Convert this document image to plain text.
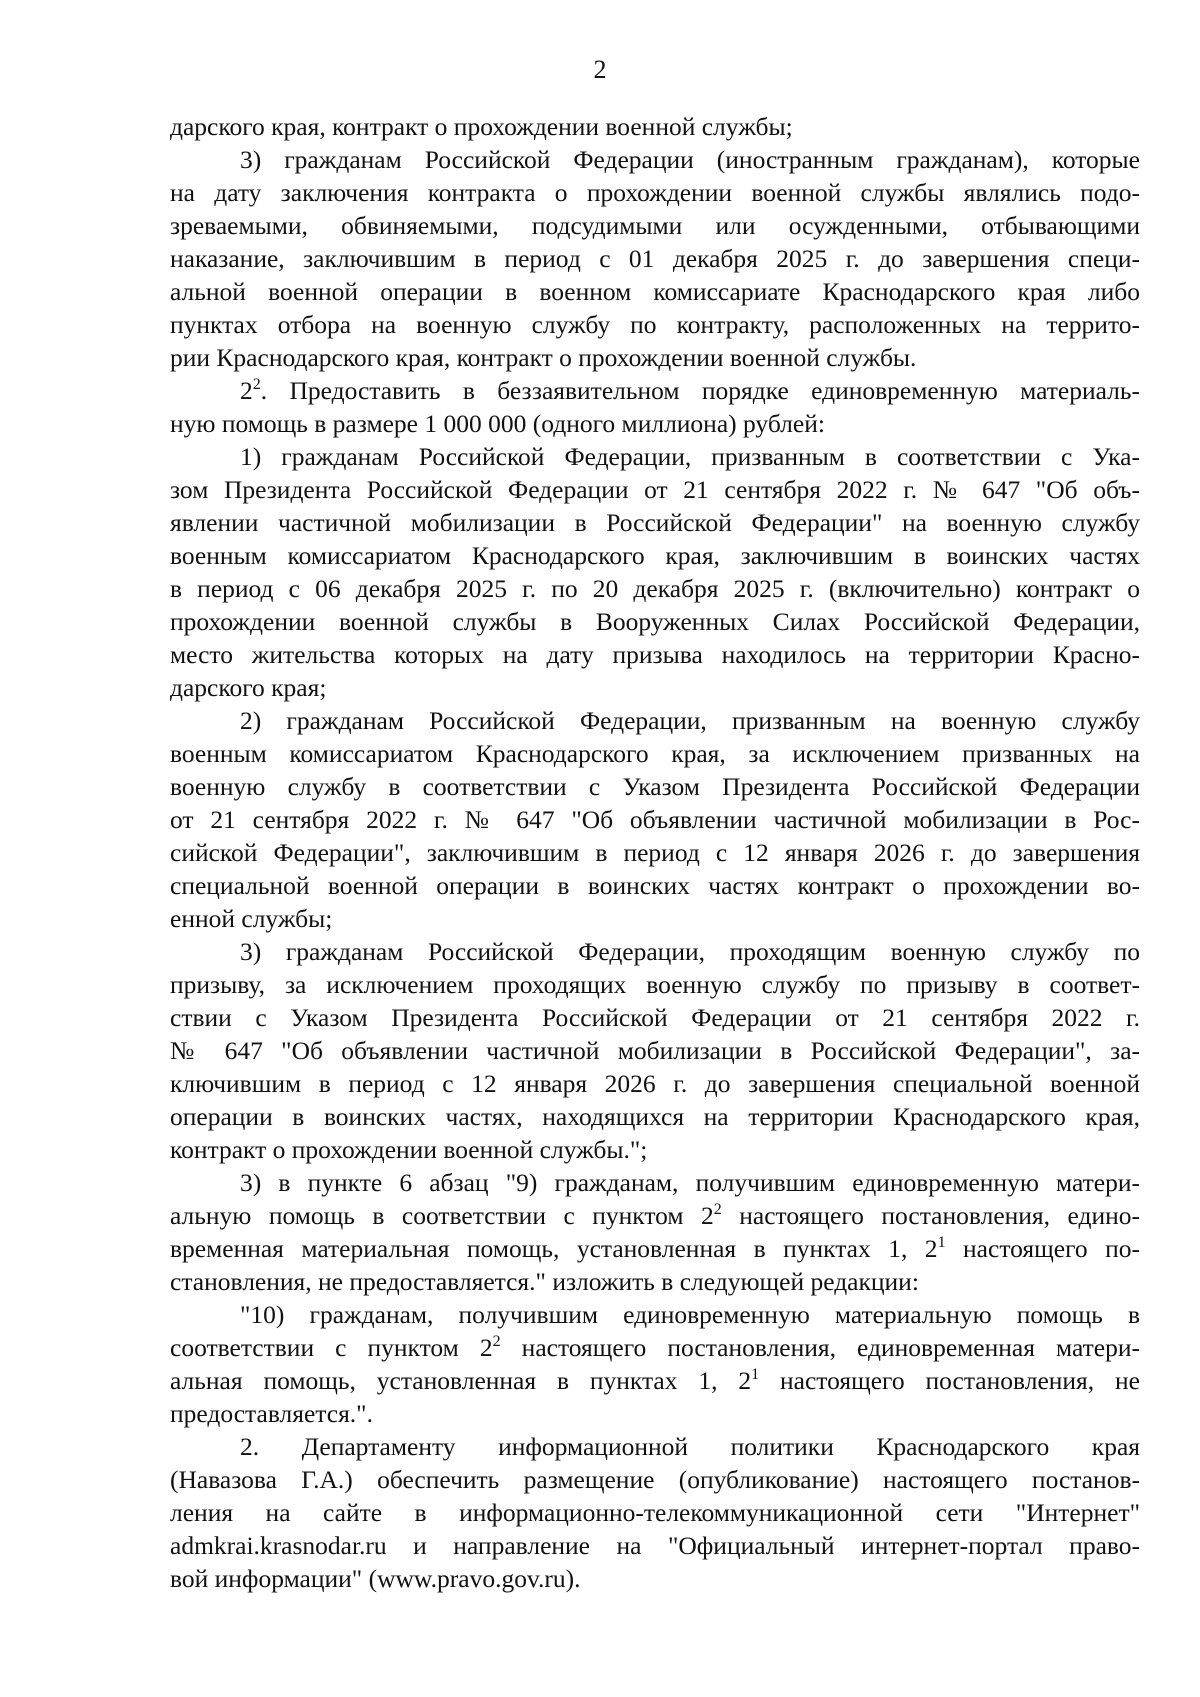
2
дарского края, контракт о прохождении военной службы;
3) гражданам Российской Федерации (иностранным гражданам), которые
на дату заключения контракта о прохождении военной службы являлись подо-
зреваемыми, обвиняемыми, подсудимыми или осужденными, отбывающими
наказание, заключившим в период с 01 декабря 2025 г. до завершения специ-
альной военной операции в военном комиссариате Краснодарского края либо
пунктах отбора на военную службу по контракту, расположенных на террито-
рии Краснодарского края, контракт о прохождении военной службы.
$2^2$. Предоставить в беззаявительном порядке единовременную материаль-
ную помощь в размере 1 000 000 (одного миллиона) рублей:
1) гражданам Российской Федерации, призванным в соответствии с Ука-
зом Президента Российской Федерации от 21 сентября 2022 г. № 647 "Об объ-
явлении частичной мобилизации в Российской Федерации" на военную службу
военным комиссариатом Краснодарского края, заключившим в воинских частях
в период с 06 декабря 2025 г. по 20 декабря 2025 г. (включительно) контракт о
прохождении военной службы в Вооруженных Силах Российской Федерации,
место жительства которых на дату призыва находилось на территории Красно-
дарского края;
2) гражданам Российской Федерации, призванным на военную службу
военным комиссариатом Краснодарского края, за исключением призванных на
военную службу в соответствии с Указом Президента Российской Федерации
от 21 сентября 2022 г. № 647 "Об объявлении частичной мобилизации в Рос-
сийской Федерации", заключившим в период с 12 января 2026 г. до завершения
специальной военной операции в воинских частях контракт о прохождении во-
енной службы;
3) гражданам Российской Федерации, проходящим военную службу по
призыву, за исключением проходящих военную службу по призыву в соответ-
ствии с Указом Президента Российской Федерации от 21 сентября 2022 г.
№ 647 "Об объявлении частичной мобилизации в Российской Федерации", за-
ключившим в период с 12 января 2026 г. до завершения специальной военной
операции в воинских частях, находящихся на территории Краснодарского края,
контракт о прохождении военной службы.";
3) в пункте 6 абзац "9) гражданам, получившим единовременную матери-
альную помощь в соответствии с пунктом $2^2$ настоящего постановления, едино-
временная материальная помощь, установленная в пунктах 1, $2^1$ настоящего по-
становления, не предоставляется." изложить в следующей редакции:
"10) гражданам, получившим единовременную материальную помощь в
соответствии с пунктом $2^2$ настоящего постановления, единовременная матери-
альная помощь, установленная в пунктах 1, $2^1$ настоящего постановления, не
предоставляется.".
2. Департаменту информационной политики Краснодарского края
(Навазова Г.А.) обеспечить размещение (опубликование) настоящего постанов-
ления на сайте в информационно-телекоммуникационной сети "Интернет"
admkrai.krasnodar.ru и направление на "Официальный интернет-портал право-
вой информации" (www.pravo.gov.ru).
